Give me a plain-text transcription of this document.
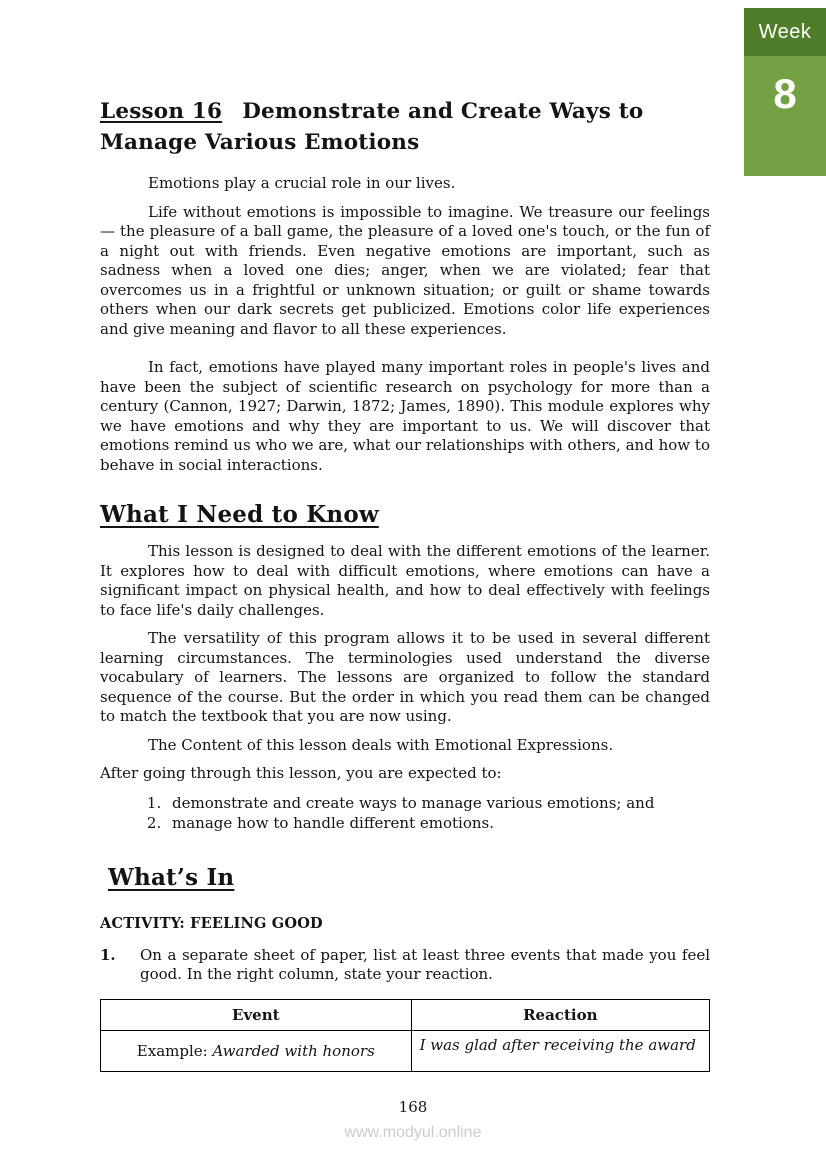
Week
8
Lesson 16 Demonstrate and Create Ways to Manage Various Emotions

Emotions play a crucial role in our lives.

Life without emotions is impossible to imagine. We treasure our feelings — the pleasure of a ball game, the pleasure of a loved one's touch, or the fun of a night out with friends. Even negative emotions are important, such as sadness when a loved one dies; anger, when we are violated; fear that overcomes us in a frightful or unknown situation; or guilt or shame towards others when our dark secrets get publicized. Emotions color life experiences and give meaning and flavor to all these experiences.

In fact, emotions have played many important roles in people's lives and have been the subject of scientific research on psychology for more than a century (Cannon, 1927; Darwin, 1872; James, 1890). This module explores why we have emotions and why they are important to us. We will discover that emotions remind us who we are, what our relationships with others, and how to behave in social interactions.

What I Need to Know

This lesson is designed to deal with the different emotions of the learner. It explores how to deal with difficult emotions, where emotions can have a significant impact on physical health, and how to deal effectively with feelings to face life's daily challenges.

The versatility of this program allows it to be used in several different learning circumstances. The terminologies used understand the diverse vocabulary of learners. The lessons are organized to follow the standard sequence of the course. But the order in which you read them can be changed to match the textbook that you are now using.

The Content of this lesson deals with Emotional Expressions.

After going through this lesson, you are expected to:

1. demonstrate and create ways to manage various emotions; and
2. manage how to handle different emotions.
What’s In
ACTIVITY: FEELING GOOD
1.	On a separate sheet of paper, list at least three events that made you feel good. In the right column, state your reaction.
Event	Reaction
Example: Awarded with honors	I was glad after receiving the award
168
www.modyul.online
